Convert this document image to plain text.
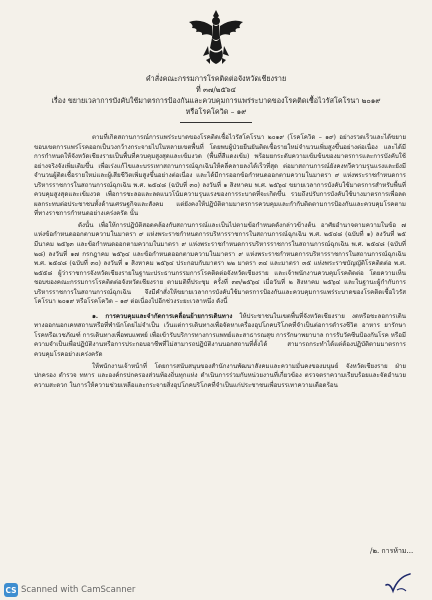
คำสั่งคณะกรรมการโรคติดต่อจังหวัดเชียงราย
ที่ ๓๗/๒๕๖๔
เรื่อง ขยายเวลาการบังคับใช้มาตรการป้องกันและควบคุมการแพร่ระบาดของโรคติดเชื้อไวรัสโคโรนา ๒๐๑๙
หรือโรคโควิด – ๑๙

ตามที่เกิดสถานการณ์การแพร่ระบาดของโรคติดเชื้อไวรัสโคโรนา ๒๐๑๙ (โรคโควิด – ๑๙) อย่างรวดเร็วและได้ขยายขอบเขตการแพร่โรคออกเป็นวงกว้างกระจายไปในหลายเขตพื้นที่ โดยพบผู้ป่วยยืนยันติดเชื้อรายใหม่จำนวนเพิ่มสูงขึ้นอย่างต่อเนื่อง และได้มีการกำหนดให้จังหวัดเชียงรายเป็นพื้นที่ควบคุมสูงสุดและเข้มงวด (พื้นที่สีแดงเข้ม) พร้อมยกระดับความเข้มข้นของมาตรการและการบังคับใช้อย่างจริงจังเพิ่มเติมขึ้น เพื่อเร่งแก้ไขและบรรเทาสถานการณ์ฉุกเฉินให้คลี่คลายลงได้เร็วที่สุด ต่อมาสถานการณ์ยังคงทวีความรุนแรงและยังมีจำนวนผู้ติดเชื้อรายใหม่และผู้เสียชีวิตเพิ่มสูงขึ้นอย่างต่อเนื่อง และได้มีการออกข้อกำหนดออกตามความในมาตรา ๙ แห่งพระราชกำหนดการบริหารราชการในสถานการณ์ฉุกเฉิน พ.ศ. ๒๕๔๘ (ฉบับที่ ๓๐) ลงวันที่ ๑ สิงหาคม พ.ศ. ๒๕๖๔ ขยายเวลาการบังคับใช้มาตรการสำหรับพื้นที่ควบคุมสูงสุดและเข้มงวด เพื่อการชะลอและลดแนวโน้มความรุนแรงของการระบาดที่จะเกิดขึ้น รวมถึงปรับการบังคับใช้บางมาตรการเพื่อลดผลกระทบต่อประชาชนทั้งด้านเศรษฐกิจและสังคม แต่ยังคงให้ปฏิบัติตามมาตรการควบคุมและกำกับติดตามการป้องกันและควบคุมโรคตามที่ทางราชการกำหนดอย่างเคร่งครัด นั้น

ดังนั้น เพื่อให้การปฏิบัติสอดคล้องกับสถานการณ์และเป็นไปตามข้อกำหนดดังกล่าวข้างต้น อาศัยอำนาจตามความในข้อ ๗ แห่งข้อกำหนดออกตามความในมาตรา ๙ แห่งพระราชกำหนดการบริหารราชการในสถานการณ์ฉุกเฉิน พ.ศ. ๒๕๔๘ (ฉบับที่ ๑) ลงวันที่ ๒๕ มีนาคม ๒๕๖๓ และข้อกำหนดออกตามความในมาตรา ๙ แห่งพระราชกำหนดการบริหารราชการในสถานการณ์ฉุกเฉิน พ.ศ. ๒๕๔๘ (ฉบับที่ ๒๘) ลงวันที่ ๑๗ กรกฎาคม ๒๕๖๔ และข้อกำหนดออกตามความในมาตรา ๙ แห่งพระราชกำหนดการบริหารราชการในสถานการณ์ฉุกเฉิน พ.ศ. ๒๕๔๘ (ฉบับที่ ๓๐) ลงวันที่ ๑ สิงหาคม ๒๕๖๔ ประกอบกับมาตรา ๒๒ มาตรา ๓๔ และมาตรา ๓๕ แห่งพระราชบัญญัติโรคติดต่อ พ.ศ. ๒๕๕๘ ผู้ว่าราชการจังหวัดเชียงรายในฐานะประธานกรรมการโรคติดต่อจังหวัดเชียงราย และเจ้าพนักงานควบคุมโรคติดต่อ โดยความเห็นชอบของคณะกรรมการโรคติดต่อจังหวัดเชียงราย ตามมติที่ประชุม ครั้งที่ ๓๓/๒๕๖๔ เมื่อวันที่ ๒ สิงหาคม ๒๕๖๔ และในฐานะผู้กำกับการบริหารราชการในสถานการณ์ฉุกเฉิน จึงมีคำสั่งให้ขยายเวลาการบังคับใช้มาตรการป้องกันและควบคุมการแพร่ระบาดของโรคติดเชื้อไวรัสโคโรนา ๒๐๑๙ หรือโรคโควิด – ๑๙ ต่อเนื่องไปอีกช่วงระยะเวลาหนึ่ง ดังนี้

๑. การควบคุมและจำกัดการเคลื่อนย้ายการเดินทาง ให้ประชาชนในเขตพื้นที่จังหวัดเชียงราย งดหรือชะลอการเดินทางออกนอกเคหสถานหรือที่พำนักโดยไม่จำเป็น เว้นแต่การเดินทางเพื่อจัดหาเครื่องอุปโภคบริโภคที่จำเป็นต่อการดำรงชีวิต อาหาร ยารักษาโรคหรือเวชภัณฑ์ การเดินทางเพื่อพบแพทย์ เพื่อเข้ารับบริการทางการแพทย์และสาธารณสุข การรักษาพยาบาล การรับวัคซีนป้องกันโรค หรือมีความจำเป็นเพื่อปฏิบัติงานหรือการประกอบอาชีพที่ไม่สามารถปฏิบัติงานนอกสถานที่ตั้งได้ สามารถกระทำได้แต่ต้องปฏิบัติตามมาตรการควบคุมโรคอย่างเคร่งครัด

ให้พนักงานเจ้าหน้าที่ โดยการสนับสนุนของสำนักงานพัฒนาสังคมและความมั่นคงของมนุษย์ จังหวัดเชียงราย ฝ่ายปกครอง ตำรวจ ทหาร และองค์กรปกครองส่วนท้องถิ่นทุกแห่ง ดำเนินการร่วมกับหน่วยงานที่เกี่ยวข้อง ตรวจตราความเรียบร้อยและจัดอำนวยความสะดวก ในการให้ความช่วยเหลือและกระจายสิ่งอุปโภคบริโภคที่จำเป็นแก่ประชาชนเพื่อบรรเทาความเดือดร้อน

/๒. การห้าม...
CS Scanned with CamScanner
